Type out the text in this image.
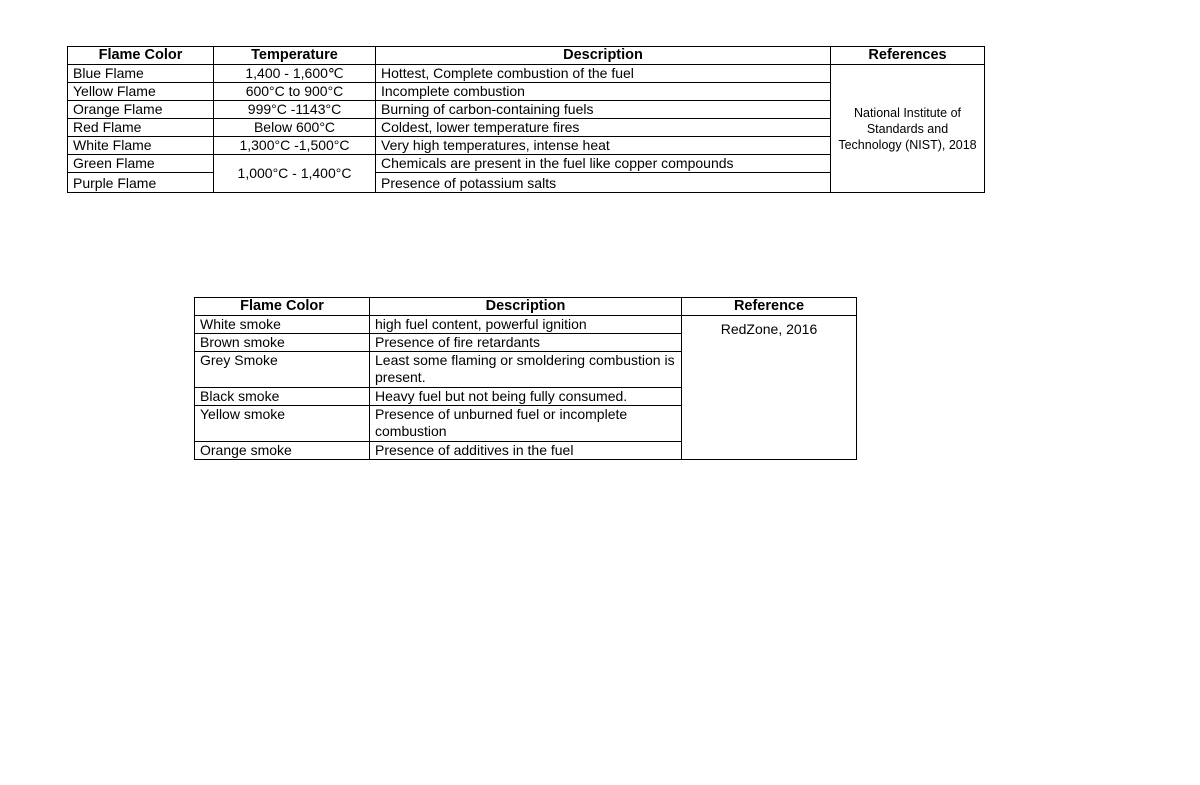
Flame Color	Temperature	Description	References
Blue Flame	1,400 - 1,600℃	Hottest, Complete combustion of the fuel	National Institute of Standards and Technology (NIST), 2018
Yellow Flame	600°C to 900°C	Incomplete combustion	
Orange Flame	999°C -1143°C	Burning of carbon-containing fuels	
Red Flame	Below 600°C	Coldest, lower temperature fires	
White Flame	1,300°C -1,500°C	Very high temperatures, intense heat	
Green Flame	1,000°C - 1,400°C	Chemicals are present in the fuel like copper compounds	
Purple Flame		Presence of potassium salts	
Flame Color	Description	Reference
White smoke	high fuel content, powerful ignition	RedZone, 2016
Brown smoke	Presence of fire retardants	
Grey Smoke	Least some flaming or smoldering combustion is present.	
Black smoke	Heavy fuel but not being fully consumed.	
Yellow smoke	Presence of unburned fuel or incomplete combustion	
Orange smoke	Presence of additives in the fuel	
